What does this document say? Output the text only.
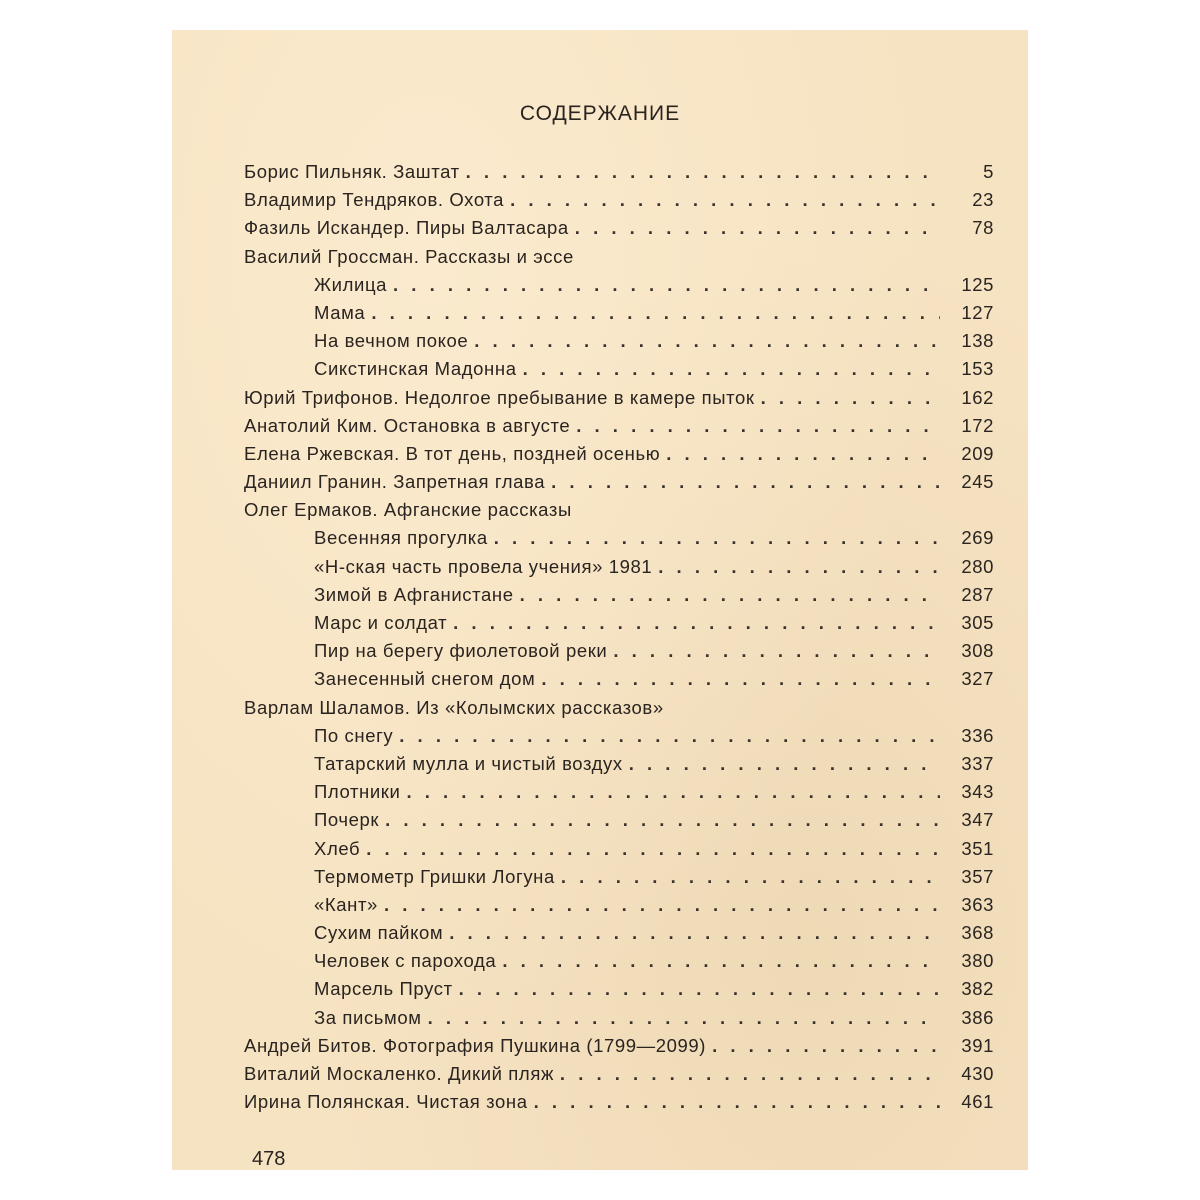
СОДЕРЖАНИЕ
Борис Пильняк. Заштат . . .	5
Владимир Тендряков. Охота . . .	23
Фазиль Искандер. Пиры Валтасара . . .	78
Василий Гроссман. Рассказы и эссе
Жилица . . .	125
Мама . . .	127
На вечном покое . . .	138
Сикстинская Мадонна . . .	153
Юрий Трифонов. Недолгое пребывание в камере пыток . . .	162
Анатолий Ким. Остановка в августе . . .	172
Елена Ржевская. В тот день, поздней осенью . . .	209
Даниил Гранин. Запретная глава . . .	245
Олег Ермаков. Афганские рассказы
Весенняя прогулка . . .	269
«Н-ская часть провела учения» 1981 . . .	280
Зимой в Афганистане . . .	287
Марс и солдат . . .	305
Пир на берегу фиолетовой реки . . .	308
Занесенный снегом дом . . .	327
Варлам Шаламов. Из «Колымских рассказов»
По снегу . . .	336
Татарский мулла и чистый воздух . . .	337
Плотники . . .	343
Почерк . . .	347
Хлеб . . .	351
Термометр Гришки Логуна . . .	357
«Кант» . . .	363
Сухим пайком . . .	368
Человек с парохода . . .	380
Марсель Пруст . . .	382
За письмом . . .	386
Андрей Битов. Фотография Пушкина (1799—2099) . . .	391
Виталий Москаленко. Дикий пляж . . .	430
Ирина Полянская. Чистая зона . . .	461
478
